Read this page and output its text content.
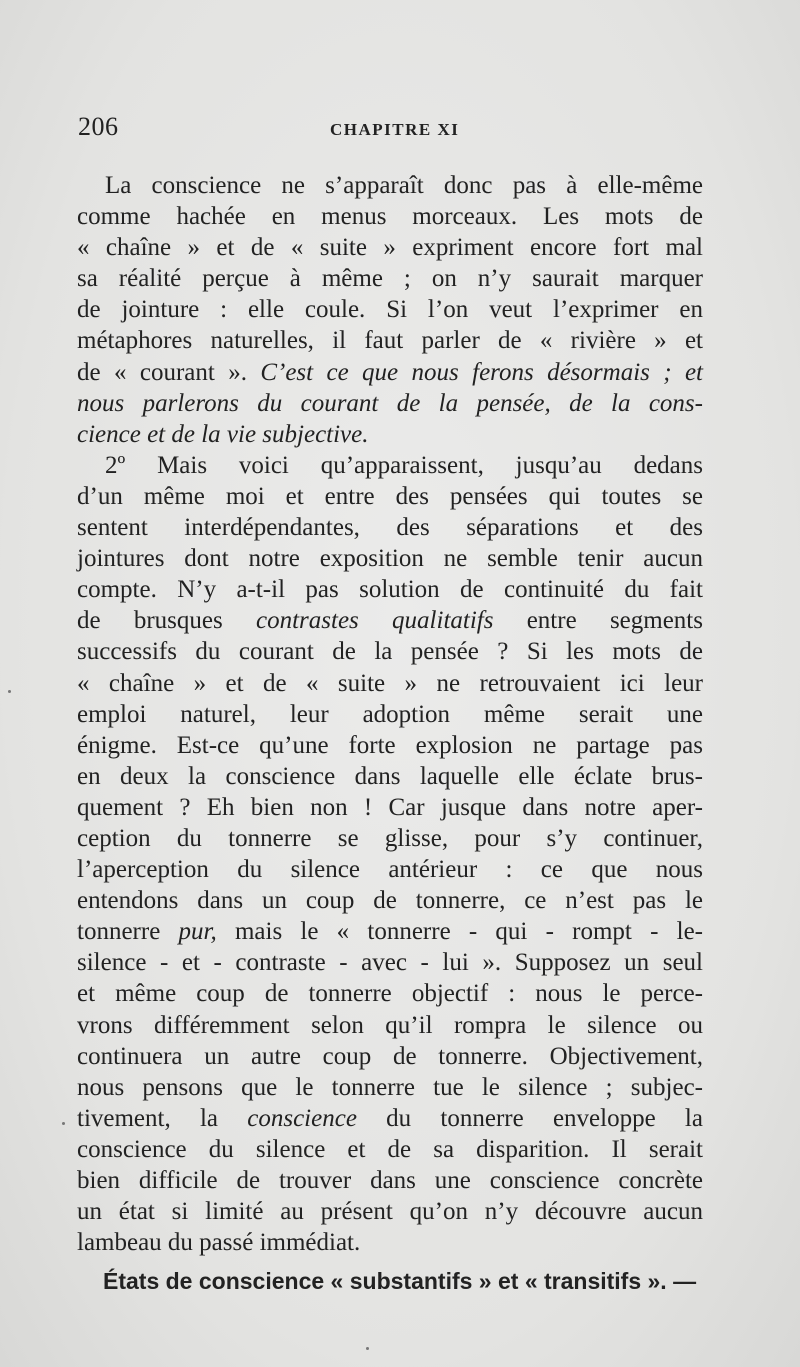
206	CHAPITRE XI
La conscience ne s’apparaît donc pas à elle-même
comme hachée en menus morceaux. Les mots de
« chaîne » et de « suite » expriment encore fort mal
sa réalité perçue à même ; on n’y saurait marquer
de jointure : elle coule. Si l’on veut l’exprimer en
métaphores naturelles, il faut parler de « rivière » et
de « courant ». C’est ce que nous ferons désormais ; et
nous parlerons du courant de la pensée, de la cons-
cience et de la vie subjective.
2º Mais voici qu’apparaissent, jusqu’au dedans
d’un même moi et entre des pensées qui toutes se
sentent interdépendantes, des séparations et des
jointures dont notre exposition ne semble tenir aucun
compte. N’y a-t-il pas solution de continuité du fait
de brusques contrastes qualitatifs entre segments
successifs du courant de la pensée ? Si les mots de
« chaîne » et de « suite » ne retrouvaient ici leur
emploi naturel, leur adoption même serait une
énigme. Est-ce qu’une forte explosion ne partage pas
en deux la conscience dans laquelle elle éclate brus-
quement ? Eh bien non ! Car jusque dans notre aper-
ception du tonnerre se glisse, pour s’y continuer,
l’aperception du silence antérieur : ce que nous
entendons dans un coup de tonnerre, ce n’est pas le
tonnerre pur, mais le « tonnerre - qui - rompt - le-
silence - et - contraste - avec - lui ». Supposez un seul
et même coup de tonnerre objectif : nous le perce-
vrons différemment selon qu’il rompra le silence ou
continuera un autre coup de tonnerre. Objectivement,
nous pensons que le tonnerre tue le silence ; subjec-
tivement, la conscience du tonnerre enveloppe la
conscience du silence et de sa disparition. Il serait
bien difficile de trouver dans une conscience concrète
un état si limité au présent qu’on n’y découvre aucun
lambeau du passé immédiat.
États de conscience « substantifs » et « transitifs ». —
